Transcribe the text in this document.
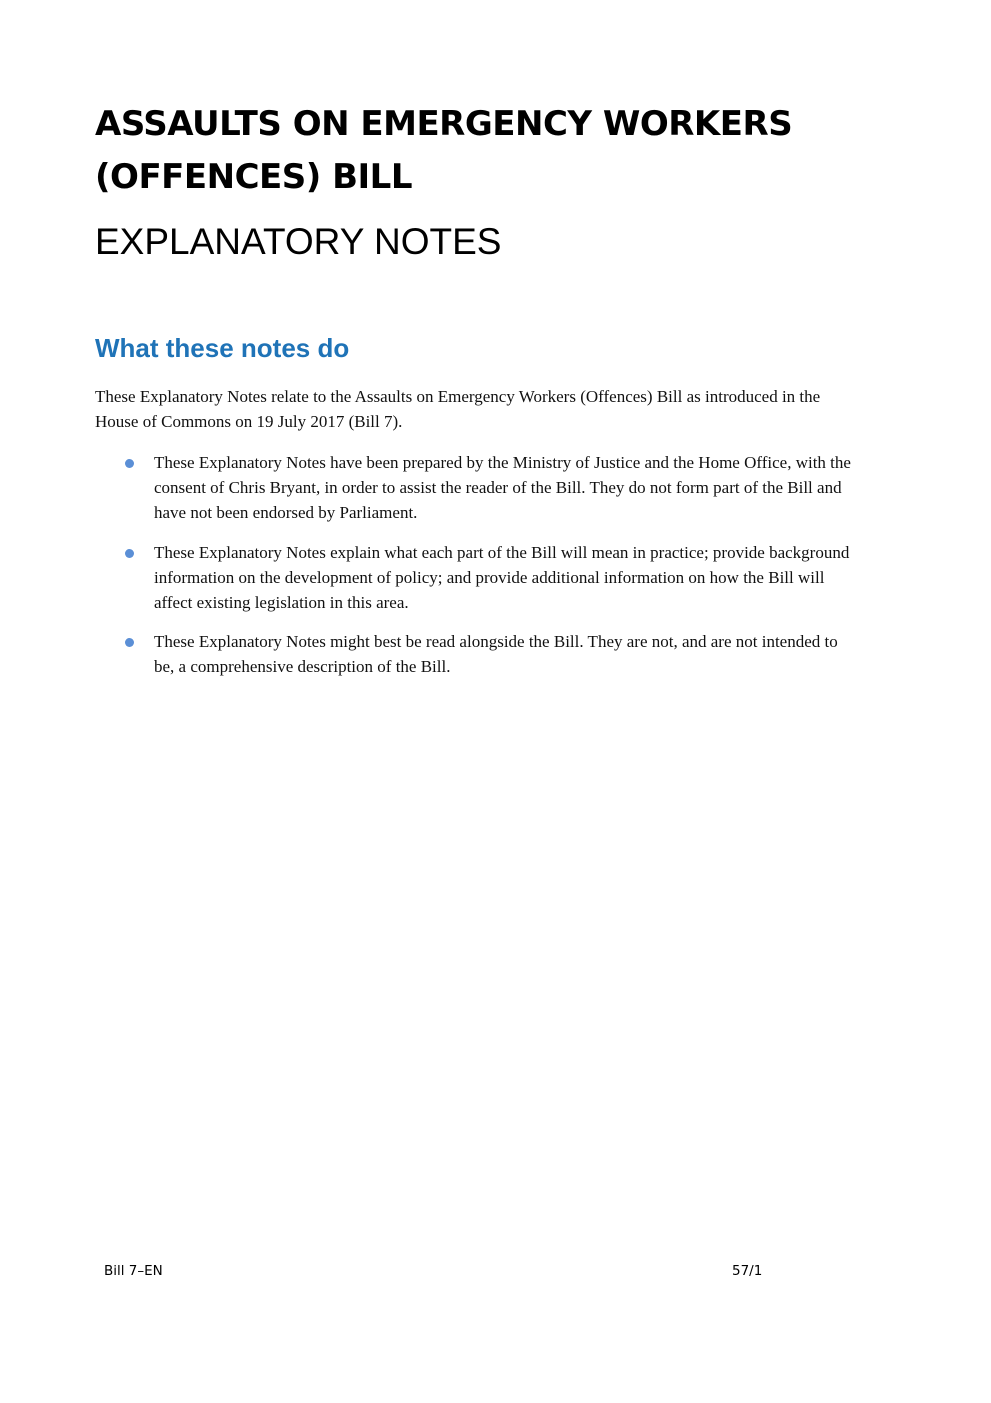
ASSAULTS ON EMERGENCY WORKERS (OFFENCES) BILL
EXPLANATORY NOTES
What these notes do

These Explanatory Notes relate to the Assaults on Emergency Workers (Offences) Bill as introduced in the House of Commons on 19 July 2017 (Bill 7).

These Explanatory Notes have been prepared by the Ministry of Justice and the Home Office, with the consent of Chris Bryant, in order to assist the reader of the Bill. They do not form part of the Bill and have not been endorsed by Parliament.
These Explanatory Notes explain what each part of the Bill will mean in practice; provide background information on the development of policy; and provide additional information on how the Bill will affect existing legislation in this area.
These Explanatory Notes might best be read alongside the Bill. They are not, and are not intended to be, a comprehensive description of the Bill.
Bill 7–EN	57/1
